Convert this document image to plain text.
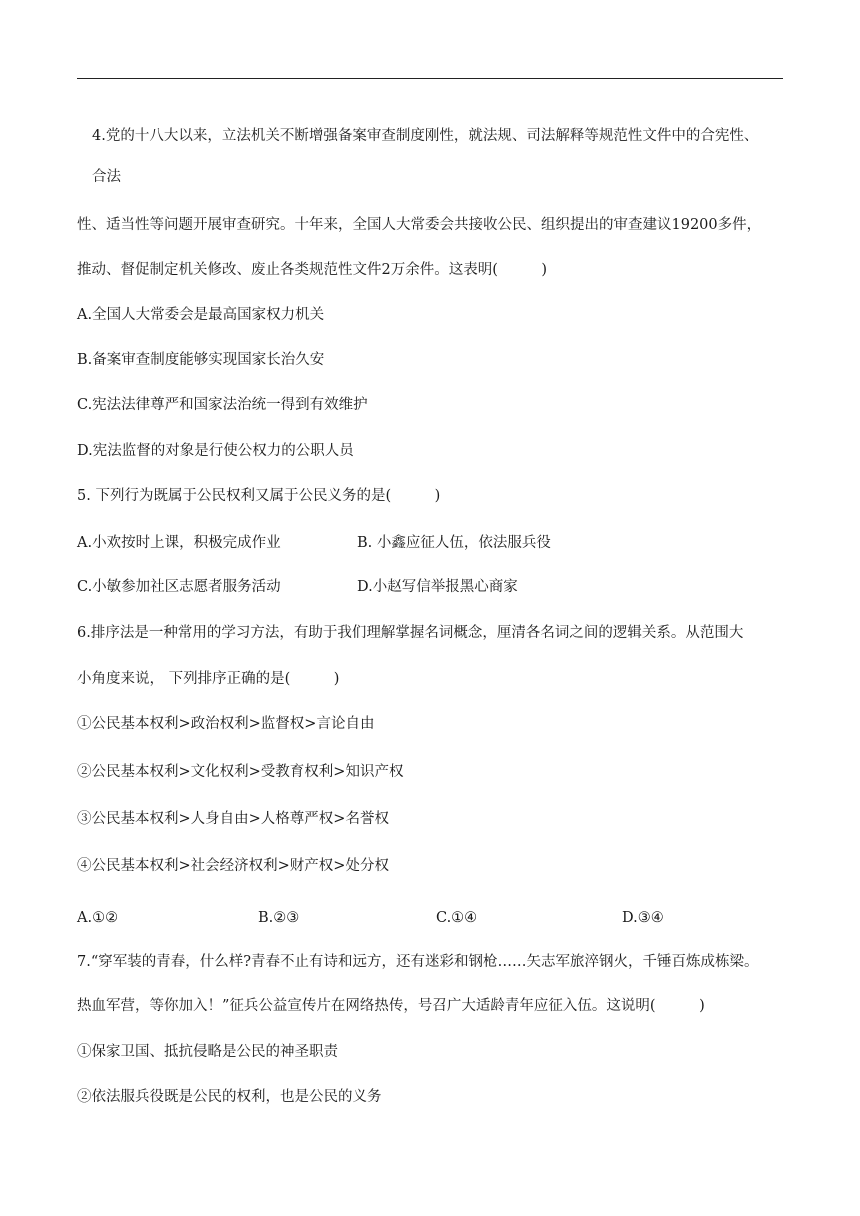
4.党的十八大以来，立法机关不断增强备案审查制度刚性，就法规、司法解释等规范性文件中的合宪性、

合法

性、适当性等问题开展审查研究。十年来，全国人大常委会共接收公民、组织提出的审查建议19200多件，

推动、督促制定机关修改、废止各类规范性文件2万余件。这表明(　　　)

A.全国人大常委会是最高国家权力机关

B.备案审查制度能够实现国家长治久安

C.宪法法律尊严和国家法治统一得到有效维护

D.宪法监督的对象是行使公权力的公职人员

5. 下列行为既属于公民权利又属于公民义务的是(　　　)

A.小欢按时上课，积极完成作业	B. 小鑫应征人伍，依法服兵役

C.小敏参加社区志愿者服务活动	D.小赵写信举报黑心商家

6.排序法是一种常用的学习方法，有助于我们理解掌握名词概念，厘清各名词之间的逻辑关系。从范围大

小角度来说， 下列排序正确的是(　　　)

①公民基本权利>政治权利>监督权>言论自由

②公民基本权利>文化权利>受教育权利>知识产权

③公民基本权利>人身自由>人格尊严权>名誉权

④公民基本权利>社会经济权利>财产权>处分权

A.①②	B.②③	C.①④	D.③④

7.“穿军装的青春，什么样?青春不止有诗和远方，还有迷彩和钢枪……矢志军旅淬钢火，千锤百炼成栋梁。

热血军营，等你加入！”征兵公益宣传片在网络热传，号召广大适龄青年应征入伍。这说明(　　　)

①保家卫国、抵抗侵略是公民的神圣职责

②依法服兵役既是公民的权利，也是公民的义务
